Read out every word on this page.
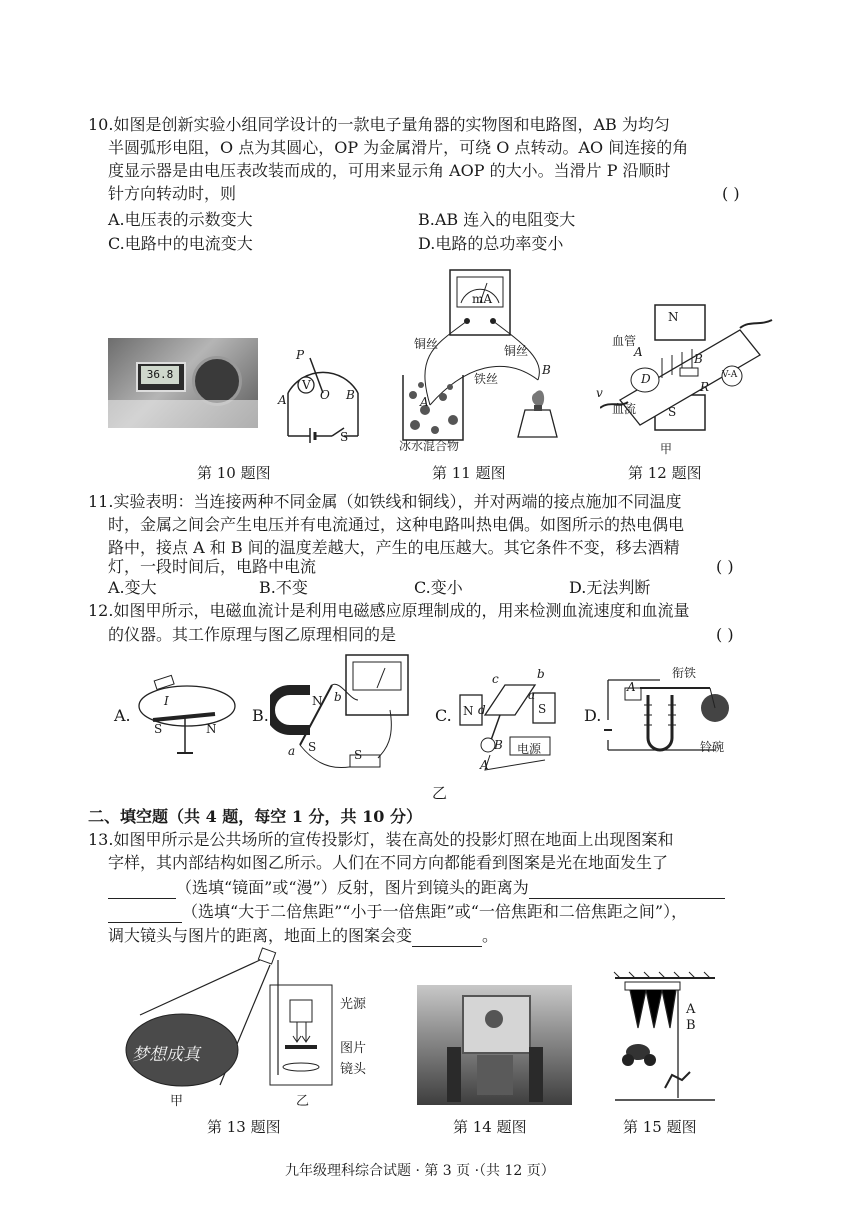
10.如图是创新实验小组同学设计的一款电子量角器的实物图和电路图，AB 为均匀
半圆弧形电阻，O 点为其圆心，OP 为金属滑片，可绕 O 点转动。AO 间连接的角
度显示器是由电压表改装而成的，可用来显示角 AOP 的大小。当滑片 P 沿顺时
针方向转动时，则	( )
A.电压表的示数变大	B.AB 连入的电阻变大
C.电路中的电流变大	D.电路的总功率变小
36.8
P
V
A	O B
S
第 10 题图
mA
铜丝	铜丝
铁丝
A
B
冰水混合物
第 11 题图
N
S
血管
A	B
D
R
v
血流
甲
V-A
第 12 题图
11.实验表明：当连接两种不同金属（如铁线和铜线），并对两端的接点施加不同温度
时，金属之间会产生电压并有电流通过，这种电路叫热电偶。如图所示的热电偶电
路中，接点 A 和 B 间的温度差越大，产生的电压越大。其它条件不变，移去酒精
灯，一段时间后，电路中电流	( )
A.变大	B.不变	C.变小	D.无法判断
12.如图甲所示，电磁血流计是利用电磁感应原理制成的，用来检测血流速度和血流量
的仪器。其工作原理与图乙原理相同的是	( )
A.
I
S	N
B.
N b
a S
S
C.
c	b
d
a
N	S
B
A
电源
D.
衔铁
A
铃碗
乙
二、填空题（共 4 题，每空 1 分，共 10 分）
13.如图甲所示是公共场所的宣传投影灯，装在高处的投影灯照在地面上出现图案和
字样，其内部结构如图乙所示。人们在不同方向都能看到图案是光在地面发生了
（选填“镜面”或“漫”）反射，图片到镜头的距离为
（选填“大于二倍焦距”“小于一倍焦距”或“一倍焦距和二倍焦距之间”），
调大镜头与图片的距离，地面上的图案会变	。
梦想成真
光源
图片
镜头
甲	乙
第 13 题图	第 14 题图
A
B
第 15 题图
九年级理科综合试题 · 第 3 页 ·（共 12 页）
